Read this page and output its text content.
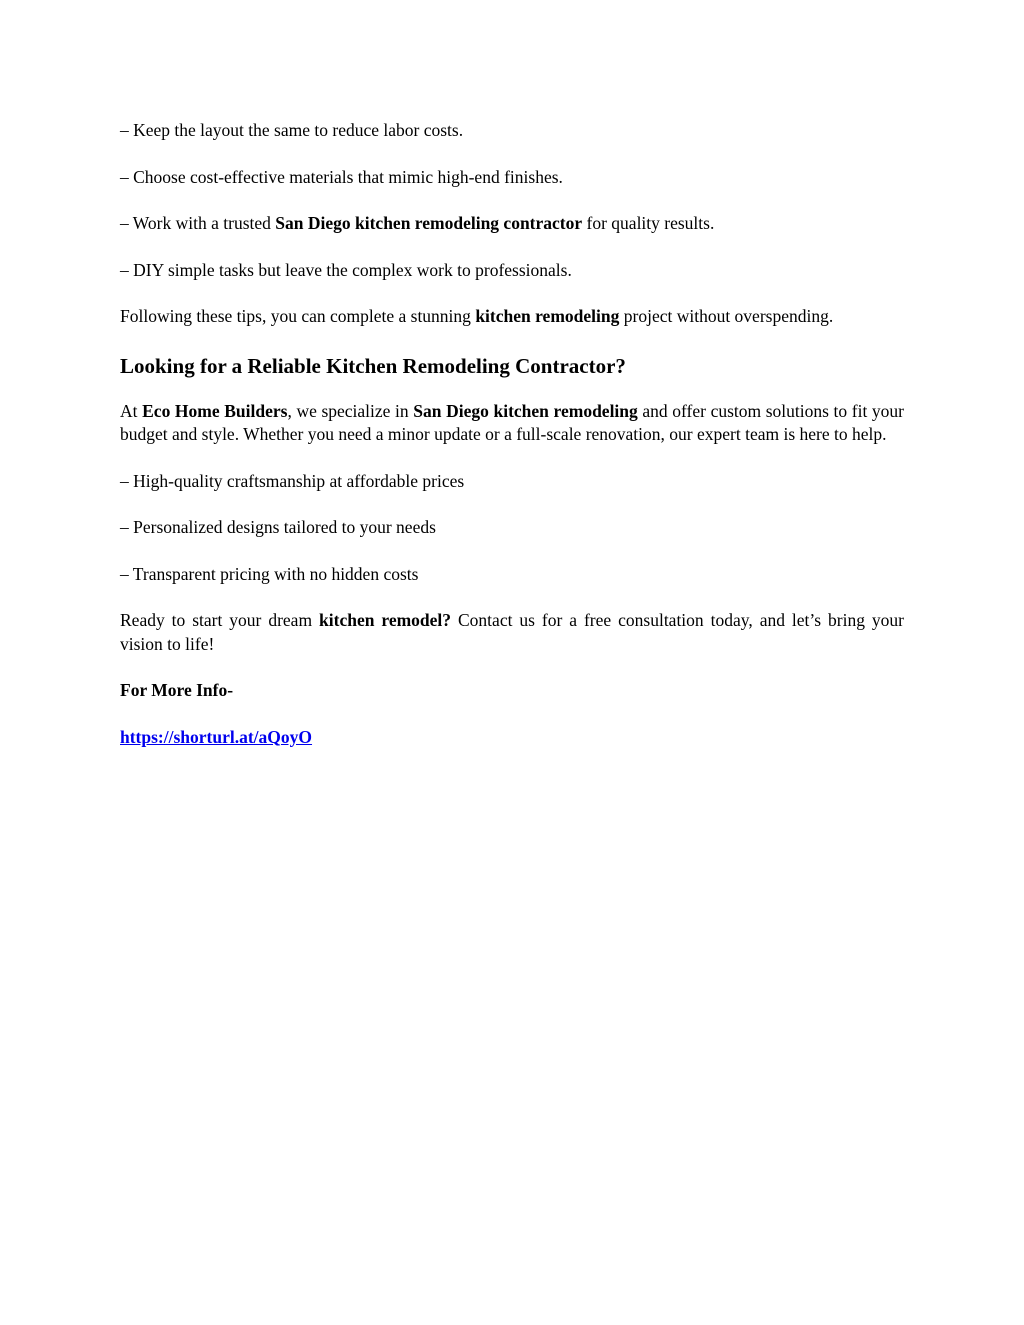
– Keep the layout the same to reduce labor costs.

– Choose cost-effective materials that mimic high-end finishes.

– Work with a trusted San Diego kitchen remodeling contractor for quality results.

– DIY simple tasks but leave the complex work to professionals.

Following these tips, you can complete a stunning kitchen remodeling project without overspending.

Looking for a Reliable Kitchen Remodeling Contractor?

At Eco Home Builders, we specialize in San Diego kitchen remodeling and offer custom solutions to fit your budget and style. Whether you need a minor update or a full-scale renovation, our expert team is here to help.

– High-quality craftsmanship at affordable prices

– Personalized designs tailored to your needs

– Transparent pricing with no hidden costs

Ready to start your dream kitchen remodel? Contact us for a free consultation today, and let’s bring your vision to life!

For More Info-

https://shorturl.at/aQoyO
